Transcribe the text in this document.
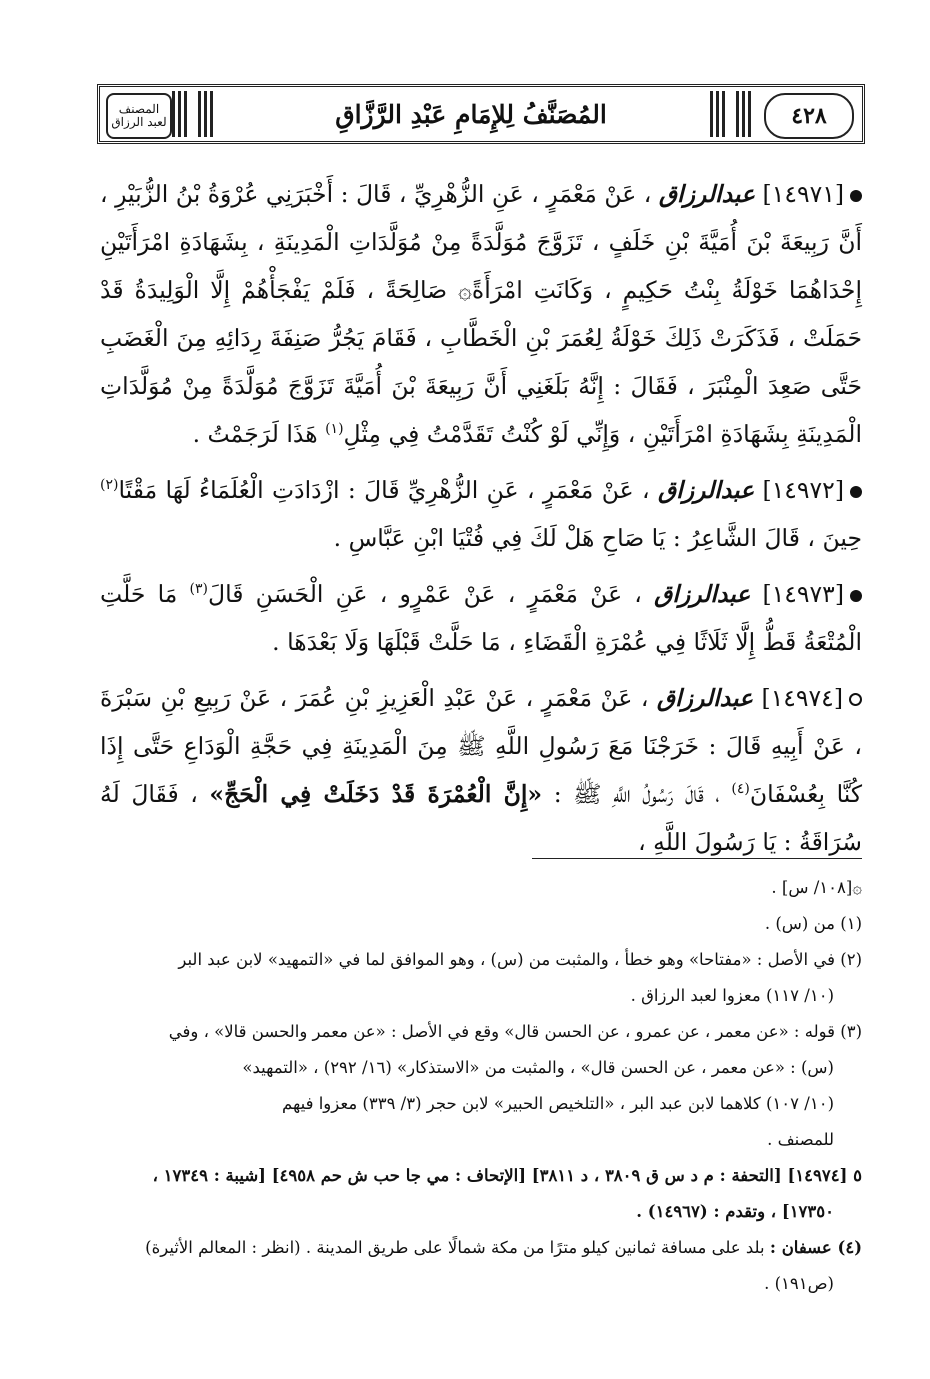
المصنف لعبد الرزاق	المُصَنَّفُ لِلإِمَامِ عَبْدِ الرَّزَّاقِ	٤٢٨

[١٤٩٧١] عبدالرزاق ، عَنْ مَعْمَرٍ ، عَنِ الزُّهْرِيِّ ، قَالَ : أَخْبَرَنِي عُرْوَةُ بْنُ الزُّبَيْرِ ، أَنَّ رَبِيعَةَ بْنَ أُمَيَّةَ بْنِ خَلَفٍ ، تَزَوَّجَ مُوَلَّدَةً مِنْ مُوَلَّدَاتِ الْمَدِينَةِ ، بِشَهَادَةِ امْرَأَتَيْنِ إِحْدَاهُمَا خَوْلَةُ بِنْتُ حَكِيمٍ ، وَكَانَتِ امْرَأَةً۞ صَالِحَةً ، فَلَمْ يَفْجَأْهُمْ إِلَّا الْوَلِيدَةُ قَدْ حَمَلَتْ ، فَذَكَرَتْ ذَلِكَ خَوْلَةُ لِعُمَرَ بْنِ الْخَطَّابِ ، فَقَامَ يَجُرُّ صَنِفَةَ رِدَائِهِ مِنَ الْغَضَبِ حَتَّى صَعِدَ الْمِنْبَرَ ، فَقَالَ : إِنَّهُ بَلَغَنِي أَنَّ رَبِيعَةَ بْنَ أُمَيَّةَ تَزَوَّجَ مُوَلَّدَةً مِنْ مُوَلَّدَاتِ الْمَدِينَةِ بِشَهَادَةِ امْرَأَتَيْنِ ، وَإِنِّي لَوْ كُنْتُ تَقَدَّمْتُ فِي مِثْلِ$^{(١)}$ هَذَا لَرَجَمْتُ .

[١٤٩٧٢] عبدالرزاق ، عَنْ مَعْمَرٍ ، عَنِ الزُّهْرِيِّ قَالَ : ازْدَادَتِ الْعُلَمَاءُ لَهَا مَقْتًا$^{(٢)}$ حِينَ ، قَالَ الشَّاعِرُ : يَا صَاحِ هَلْ لَكَ فِي فُتْيَا ابْنِ عَبَّاسِ .

[١٤٩٧٣] عبدالرزاق ، عَنْ مَعْمَرٍ ، عَنْ عَمْرٍو ، عَنِ الْحَسَنِ قَالَ$^{(٣)}$ مَا حَلَّتِ الْمُتْعَةُ قَطُّ إِلَّا ثَلَاثًا فِي عُمْرَةِ الْقَضَاءِ ، مَا حَلَّتْ قَبْلَهَا وَلَا بَعْدَهَا .

[١٤٩٧٤] عبدالرزاق ، عَنْ مَعْمَرٍ ، عَنْ عَبْدِ الْعَزِيزِ بْنِ عُمَرَ ، عَنْ رَبِيعِ بْنِ سَبْرَةَ ، عَنْ أَبِيهِ قَالَ : خَرَجْنَا مَعَ رَسُولِ اللَّهِ ﷺ مِنَ الْمَدِينَةِ فِي حَجَّةِ الْوَدَاعِ حَتَّى إِذَا كُنَّا بِعُسْفَانَ$^{(٤)}$ ، قَالَ رَسُولُ اللَّهِ ﷺ : «إِنَّ الْعُمْرَةَ قَدْ دَخَلَتْ فِي الْحَجِّ» ، فَقَالَ لَهُ سُرَاقَةُ : يَا رَسُولَ اللَّهِ ،

۞[١٠٨/ س] .

(١) من (س) .

(٢) في الأصل : «مفتاحا» وهو خطأ ، والمثبت من (س) ، وهو الموافق لما في «التمهيد» لابن عبد البر
(١٠/ ١١٧) معزوا لعبد الرزاق .

(٣) قوله : «عن معمر ، عن عمرو ، عن الحسن قال» وقع في الأصل : «عن معمر والحسن قالا» ، وفي
(س) : «عن معمر ، عن الحسن قال» ، والمثبت من «الاستذكار» (١٦/ ٢٩٢) ، «التمهيد»
(١٠/ ١٠٧) كلاهما لابن عبد البر ، «التلخيص الحبير» لابن حجر (٣/ ٣٣٩) معزوا فيهم
للمصنف .

٥ [١٤٩٧٤] [التحفة : م د س ق ٣٨٠٩ ، د ٣٨١١] [الإتحاف : مي جا حب ش حم ٤٩٥٨] [شيبة : ١٧٣٤٩ ،
١٧٣٥٠] ، وتقدم : (١٤٩٦٧) .

(٤) عسفان : بلد على مسافة ثمانين كيلو مترًا من مكة شمالًا على طريق المدينة . (انظر : المعالم الأثيرة)
(ص١٩١) .
